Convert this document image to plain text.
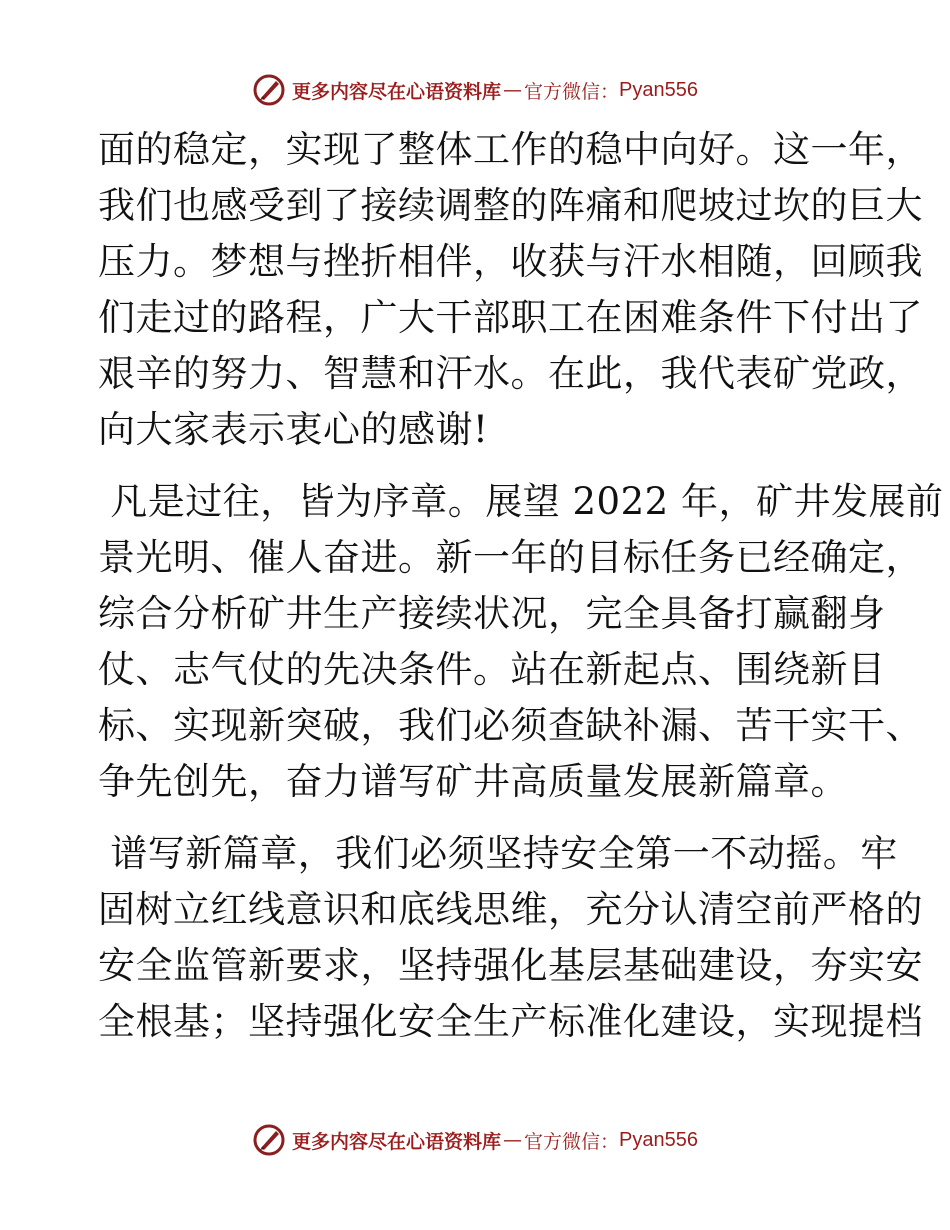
更多内容尽在心语资料库 — 官方微信： Pyan556
面的稳定，实现了整体工作的稳中向好。这一年，
我们也感受到了接续调整的阵痛和爬坡过坎的巨大
压力。梦想与挫折相伴，收获与汗水相随，回顾我
们走过的路程，广大干部职工在困难条件下付出了
艰辛的努力、智慧和汗水。在此，我代表矿党政，
向大家表示衷心的感谢!
凡是过往，皆为序章。展望 2022 年，矿井发展前
景光明、催人奋进。新一年的目标任务已经确定，
综合分析矿井生产接续状况，完全具备打赢翻身
仗、志气仗的先决条件。站在新起点、围绕新目
标、实现新突破，我们必须查缺补漏、苦干实干、
争先创先，奋力谱写矿井高质量发展新篇章。
谱写新篇章，我们必须坚持安全第一不动摇。牢
固树立红线意识和底线思维，充分认清空前严格的
安全监管新要求，坚持强化基层基础建设，夯实安
全根基；坚持强化安全生产标准化建设，实现提档
更多内容尽在心语资料库 — 官方微信： Pyan556
